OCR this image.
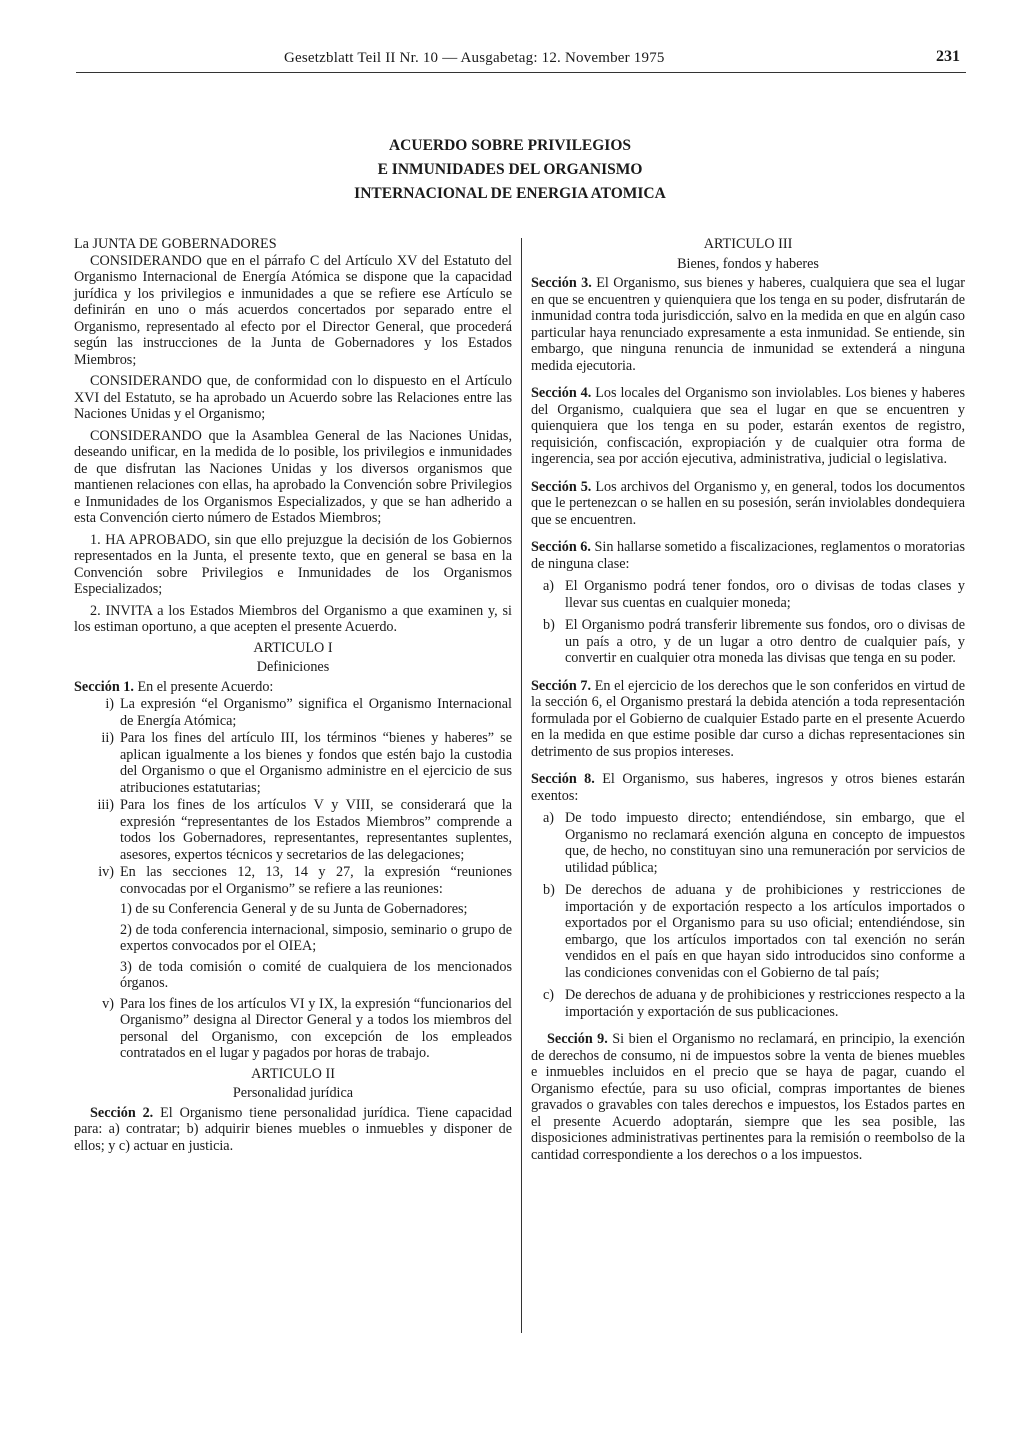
Gesetzblatt Teil II Nr. 10 — Ausgabetag: 12. November 1975	231
ACUERDO SOBRE PRIVILEGIOS
E INMUNIDADES DEL ORGANISMO
INTERNACIONAL DE ENERGIA ATOMICA

La JUNTA DE GOBERNADORES

CONSIDERANDO que en el párrafo C del Artículo XV del Estatuto del Organismo Internacional de Energía Atómica se dispone que la capacidad jurídica y los privilegios e inmunidades a que se refiere ese Artículo se definirán en uno o más acuerdos concertados por separado entre el Organismo, representado al efecto por el Director General, que procederá según las instrucciones de la Junta de Gobernadores y los Estados Miembros;

CONSIDERANDO que, de conformidad con lo dispuesto en el Artículo XVI del Estatuto, se ha aprobado un Acuerdo sobre las Relaciones entre las Naciones Unidas y el Organismo;

CONSIDERANDO que la Asamblea General de las Naciones Unidas, deseando unificar, en la medida de lo posible, los privilegios e inmunidades de que disfrutan las Naciones Unidas y los diversos organismos que mantienen relaciones con ellas, ha aprobado la Convención sobre Privilegios e Inmunidades de los Organismos Especializados, y que se han adherido a esta Convención cierto número de Estados Miembros;

1. HA APROBADO, sin que ello prejuzgue la decisión de los Gobiernos representados en la Junta, el presente texto, que en general se basa en la Convención sobre Privilegios e Inmunidades de los Organismos Especializados;

2. INVITA a los Estados Miembros del Organismo a que examinen y, si los estiman oportuno, a que acepten el presente Acuerdo.

ARTICULO I

Definiciones

Sección 1. En el presente Acuerdo:

i) La expresión “el Organismo” significa el Organismo Internacional de Energía Atómica;
ii) Para los fines del artículo III, los términos “bienes y haberes” se aplican igualmente a los bienes y fondos que estén bajo la custodia del Organismo o que el Organismo administre en el ejercicio de sus atribuciones estatutarias;
iii) Para los fines de los artículos V y VIII, se considerará que la expresión “representantes de los Estados Miembros” comprende a todos los Gobernadores, representantes, representantes suplentes, asesores, expertos técnicos y secretarios de las delegaciones;
iv) En las secciones 12, 13, 14 y 27, la expresión “reuniones convocadas por el Organismo” se refiere a las reuniones:

1) de su Conferencia General y de su Junta de Gobernadores;

2) de toda conferencia internacional, simposio, seminario o grupo de expertos convocados por el OIEA;

3) de toda comisión o comité de cualquiera de los mencionados órganos.

v) Para los fines de los artículos VI y IX, la expresión “funcionarios del Organismo” designa al Director General y a todos los miembros del personal del Organismo, con excepción de los empleados contratados en el lugar y pagados por horas de trabajo.

ARTICULO II

Personalidad jurídica

Sección 2. El Organismo tiene personalidad jurídica. Tiene capacidad para: a) contratar; b) adquirir bienes muebles o inmuebles y disponer de ellos; y c) actuar en justicia.

ARTICULO III

Bienes, fondos y haberes

Sección 3. El Organismo, sus bienes y haberes, cualquiera que sea el lugar en que se encuentren y quienquiera que los tenga en su poder, disfrutarán de inmunidad contra toda jurisdicción, salvo en la medida en que en algún caso particular haya renunciado expresamente a esta inmunidad. Se entiende, sin embargo, que ninguna renuncia de inmunidad se extenderá a ninguna medida ejecutoria.

Sección 4. Los locales del Organismo son inviolables. Los bienes y haberes del Organismo, cualquiera que sea el lugar en que se encuentren y quienquiera que los tenga en su poder, estarán exentos de registro, requisición, confiscación, expropiación y de cualquier otra forma de ingerencia, sea por acción ejecutiva, administrativa, judicial o legislativa.

Sección 5. Los archivos del Organismo y, en general, todos los documentos que le pertenezcan o se hallen en su posesión, serán inviolables dondequiera que se encuentren.

Sección 6. Sin hallarse sometido a fiscalizaciones, reglamentos o moratorias de ninguna clase:

a) El Organismo podrá tener fondos, oro o divisas de todas clases y llevar sus cuentas en cualquier moneda;
b) El Organismo podrá transferir libremente sus fondos, oro o divisas de un país a otro, y de un lugar a otro dentro de cualquier país, y convertir en cualquier otra moneda las divisas que tenga en su poder.

Sección 7. En el ejercicio de los derechos que le son conferidos en virtud de la sección 6, el Organismo prestará la debida atención a toda representación formulada por el Gobierno de cualquier Estado parte en el presente Acuerdo en la medida en que estime posible dar curso a dichas representaciones sin detrimento de sus propios intereses.

Sección 8. El Organismo, sus haberes, ingresos y otros bienes estarán exentos:

a) De todo impuesto directo; entendiéndose, sin embargo, que el Organismo no reclamará exención alguna en concepto de impuestos que, de hecho, no constituyan sino una remuneración por servicios de utilidad pública;
b) De derechos de aduana y de prohibiciones y restricciones de importación y de exportación respecto a los artículos importados o exportados por el Organismo para su uso oficial; entendiéndose, sin embargo, que los artículos importados con tal exención no serán vendidos en el país en que hayan sido introducidos sino conforme a las condiciones convenidas con el Gobierno de tal país;
c) De derechos de aduana y de prohibiciones y restricciones respecto a la importación y exportación de sus publicaciones.

Sección 9. Si bien el Organismo no reclamará, en principio, la exención de derechos de consumo, ni de impuestos sobre la venta de bienes muebles e inmuebles incluidos en el precio que se haya de pagar, cuando el Organismo efectúe, para su uso oficial, compras importantes de bienes gravados o gravables con tales derechos e impuestos, los Estados partes en el presente Acuerdo adoptarán, siempre que les sea posible, las disposiciones administrativas pertinentes para la remisión o reembolso de la cantidad correspondiente a los derechos o a los impuestos.
